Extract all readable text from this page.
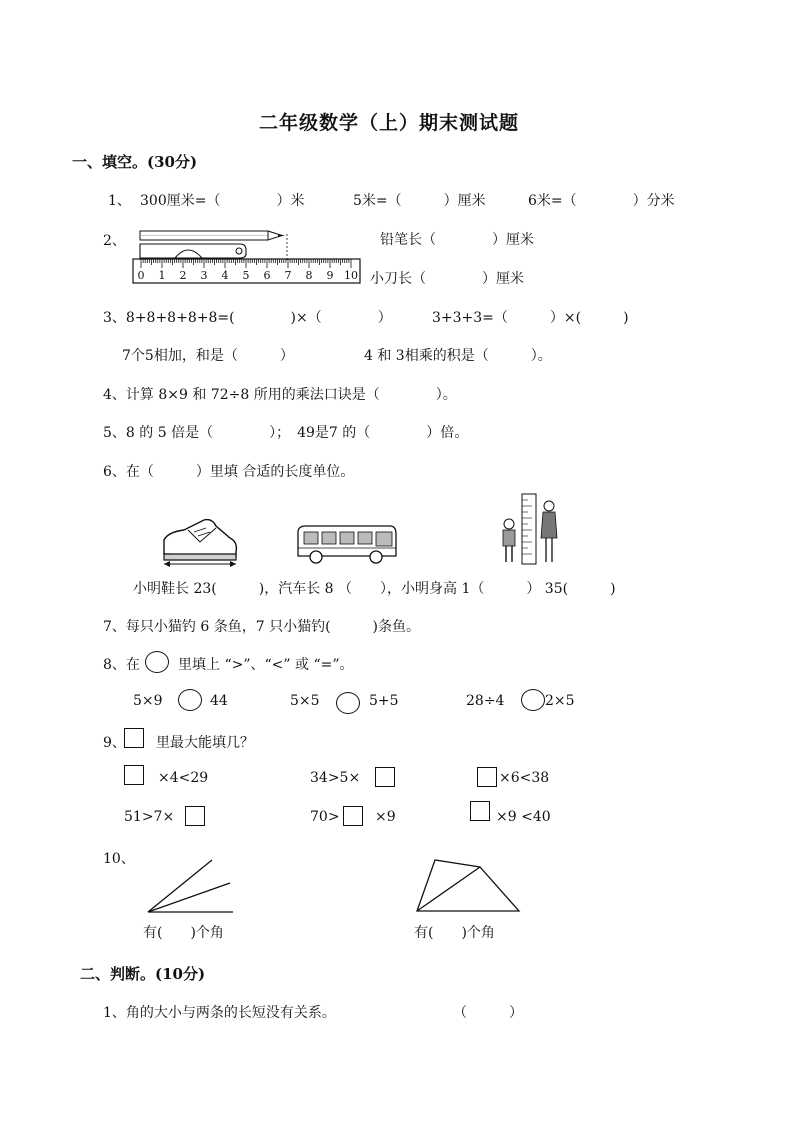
二年级数学（上）期末测试题
一、填空。(30分)
1、 300厘米=（　　　　）米	5米=（　　　）厘米	6米=（　　　　）分米
2、
0 1 2 3 4 5 6 7 8 9 10
铅笔长（　　　　）厘米
小刀长（　　　　）厘米
3、8+8+8+8+8=(　　　　)×（　　　　）	3+3+3=（　　　）×(　　　)
7个5相加，和是（　　　）	4 和 3相乘的积是（　　　）。
4、计算 8×9 和 72÷8 所用的乘法口诀是（　　　　）。
5、8 的 5 倍是（　　　　）；　49是7 的（　　　　）倍。
6、在（　　　）里填 合适的长度单位。
小明鞋长 23(　　　)，汽车长 8 （　　），小明身高 1（　　　） 35(　　　)
7、每只小猫钓 6 条鱼，7 只小猫钓(　　　)条鱼。
8、在	里填上 “>”、“<” 或 “=”。
5×9	44	5×5	5+5	28÷4	2×5
9、 里最大能填几？
×4<29	34>5×	×6<38
51>7×	70>	×9	×9 <40
10、
有(　　)个角	有(　　)个角
二、判断。(10分)
1、角的大小与两条的长短没有关系。	（　　　）
